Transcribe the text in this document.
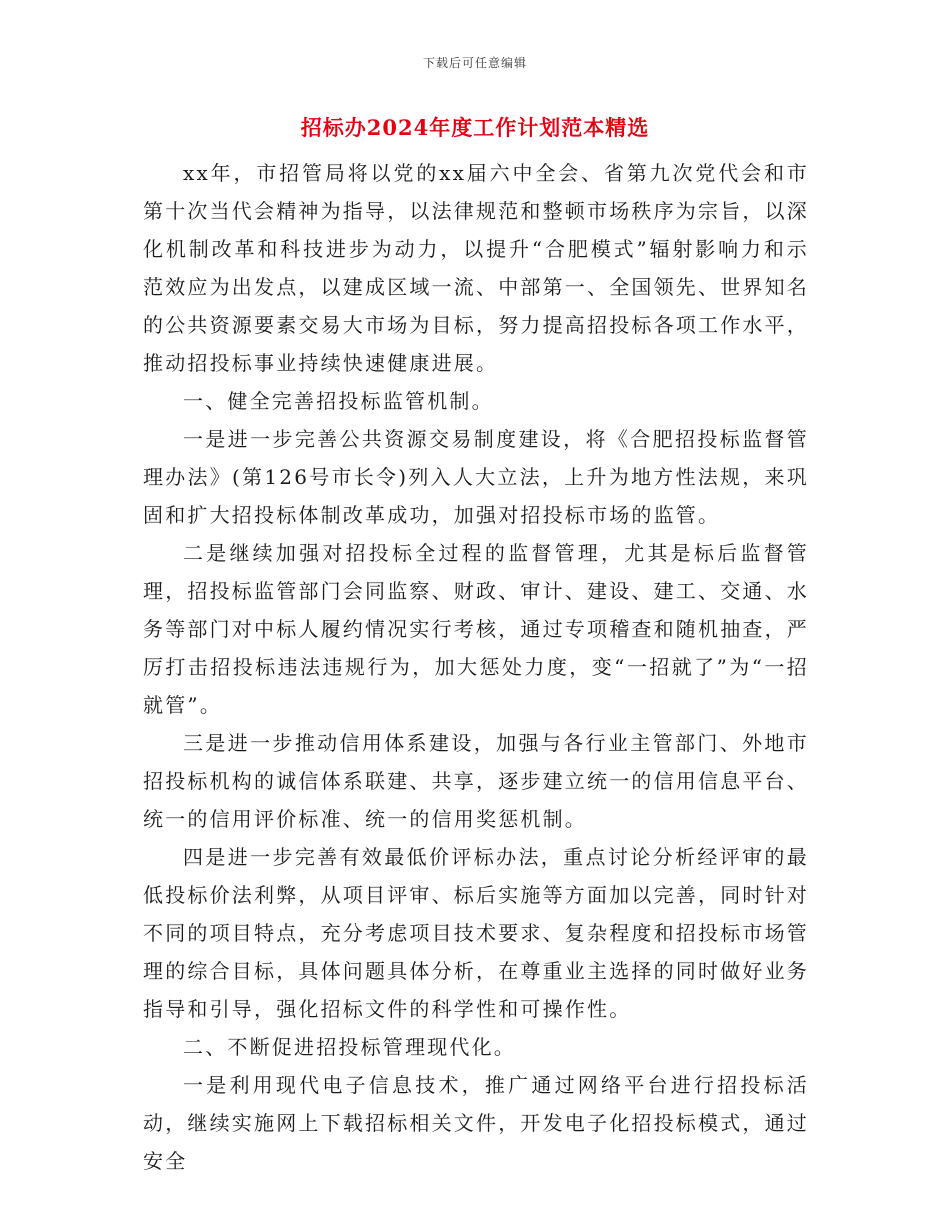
下载后可任意编辑
招标办2024年度工作计划范本精选

xx年，市招管局将以党的xx届六中全会、省第九次党代会和市第十次当代会精神为指导，以法律规范和整顿市场秩序为宗旨，以深化机制改革和科技进步为动力，以提升“合肥模式”辐射影响力和示范效应为出发点，以建成区域一流、中部第一、全国领先、世界知名的公共资源要素交易大市场为目标，努力提高招投标各项工作水平，推动招投标事业持续快速健康进展。

一、健全完善招投标监管机制。

一是进一步完善公共资源交易制度建设，将《合肥招投标监督管理办法》(第126号市长令)列入人大立法，上升为地方性法规，来巩固和扩大招投标体制改革成功，加强对招投标市场的监管。

二是继续加强对招投标全过程的监督管理，尤其是标后监督管理，招投标监管部门会同监察、财政、审计、建设、建工、交通、水务等部门对中标人履约情况实行考核，通过专项稽查和随机抽查，严厉打击招投标违法违规行为，加大惩处力度，变“一招就了”为“一招就管”。

三是进一步推动信用体系建设，加强与各行业主管部门、外地市招投标机构的诚信体系联建、共享，逐步建立统一的信用信息平台、统一的信用评价标准、统一的信用奖惩机制。

四是进一步完善有效最低价评标办法，重点讨论分析经评审的最低投标价法利弊，从项目评审、标后实施等方面加以完善，同时针对不同的项目特点，充分考虑项目技术要求、复杂程度和招投标市场管理的综合目标，具体问题具体分析，在尊重业主选择的同时做好业务指导和引导，强化招标文件的科学性和可操作性。

二、不断促进招投标管理现代化。

一是利用现代电子信息技术，推广通过网络平台进行招投标活动，继续实施网上下载招标相关文件，开发电子化招投标模式，通过安全
